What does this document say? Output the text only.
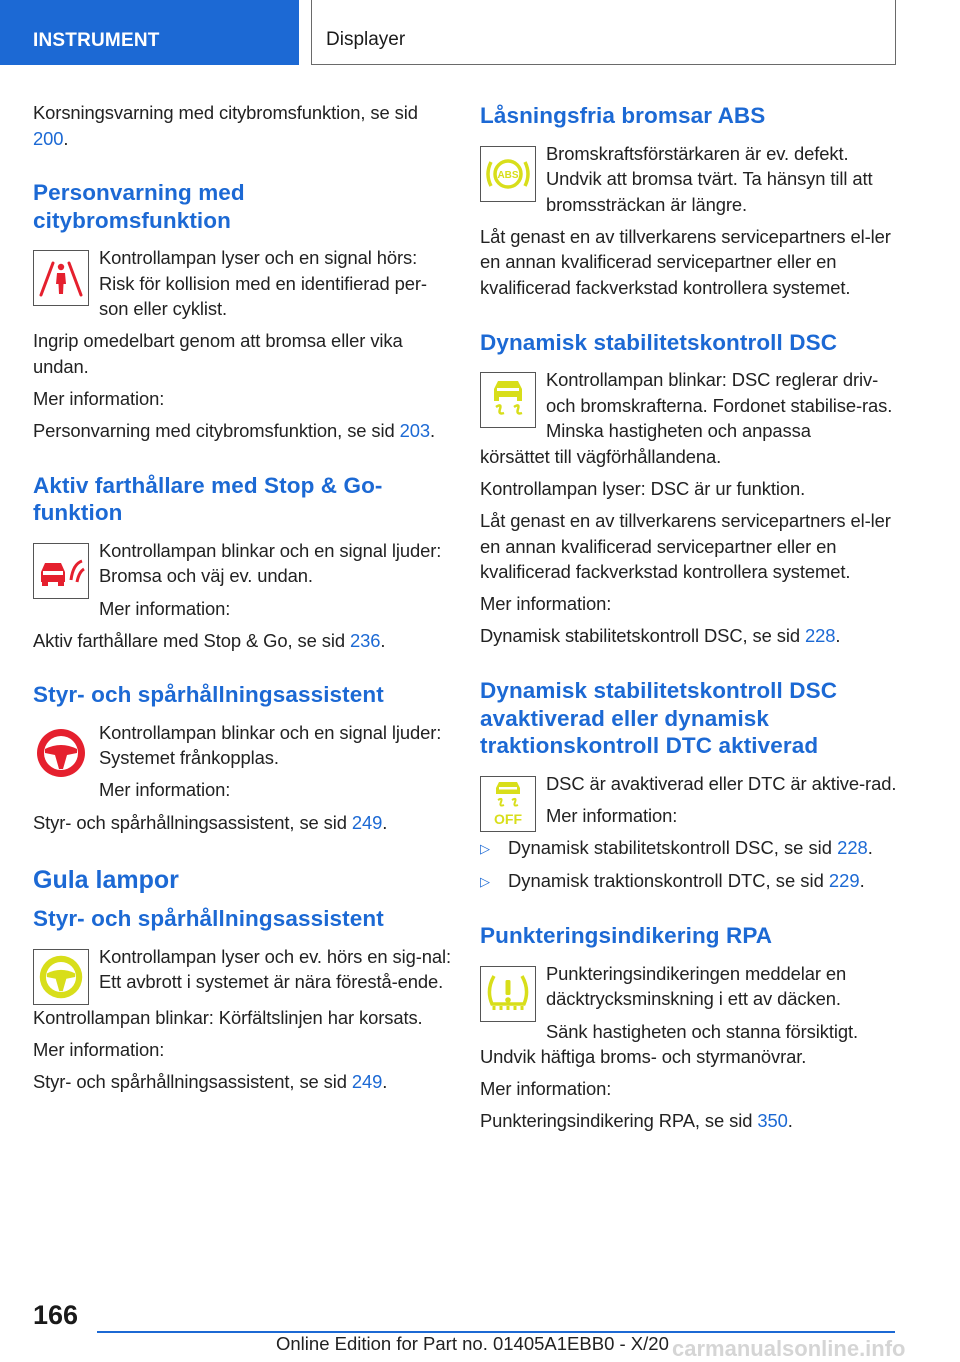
INSTRUMENT	Displayer

Korsningsvarning med citybromsfunktion, se sid 200.

Personvarning med citybromsfunktion

Kontrollampan lyser och en signal hörs: Risk för kollision med en identifierad per-son eller cyklist.

Ingrip omedelbart genom att bromsa eller vika undan.

Mer information:

Personvarning med citybromsfunktion, se sid 203.

Aktiv farthållare med Stop & Go-funktion

Kontrollampan blinkar och en signal ljuder: Bromsa och väj ev. undan.

Mer information:

Aktiv farthållare med Stop & Go, se sid 236.

Styr- och spårhållningsassistent

Kontrollampan blinkar och en signal ljuder: Systemet frånkopplas.

Mer information:

Styr- och spårhållningsassistent, se sid 249.

Gula lampor
Styr- och spårhållningsassistent

Kontrollampan lyser och ev. hörs en sig-nal: Ett avbrott i systemet är nära förestå-ende.

Kontrollampan blinkar: Körfältslinjen har korsats.

Mer information:

Styr- och spårhållningsassistent, se sid 249.

Låsningsfria bromsar ABS
ABS

Bromskraftsförstärkaren är ev. defekt. Undvik att bromsa tvärt. Ta hänsyn till att bromssträckan är längre.

Låt genast en av tillverkarens servicepartners el-ler en annan kvalificerad servicepartner eller en kvalificerad fackverkstad kontrollera systemet.

Dynamisk stabilitetskontroll DSC

Kontrollampan blinkar: DSC reglerar driv- och bromskrafterna. Fordonet stabilise-ras. Minska hastigheten och anpassa

körsättet till vägförhållandena.

Kontrollampan lyser: DSC är ur funktion.

Låt genast en av tillverkarens servicepartners el-ler en annan kvalificerad servicepartner eller en kvalificerad fackverkstad kontrollera systemet.

Mer information:

Dynamisk stabilitetskontroll DSC, se sid 228.

Dynamisk stabilitetskontroll DSC avaktiverad eller dynamisk traktionskontroll DTC aktiverad
OFF

DSC är avaktiverad eller DTC är aktive-rad.

Mer information:

▷ Dynamisk stabilitetskontroll DSC, se sid 228.
▷ Dynamisk traktionskontroll DTC, se sid 229.
Punkteringsindikering RPA

Punkteringsindikeringen meddelar en däcktrycksminskning i ett av däcken.

Sänk hastigheten och stanna försiktigt.

Undvik häftiga broms- och styrmanövrar.

Mer information:

Punkteringsindikering RPA, se sid 350.

166
Online Edition for Part no. 01405A1EBB0 - X/20 carmanualsonline.info
